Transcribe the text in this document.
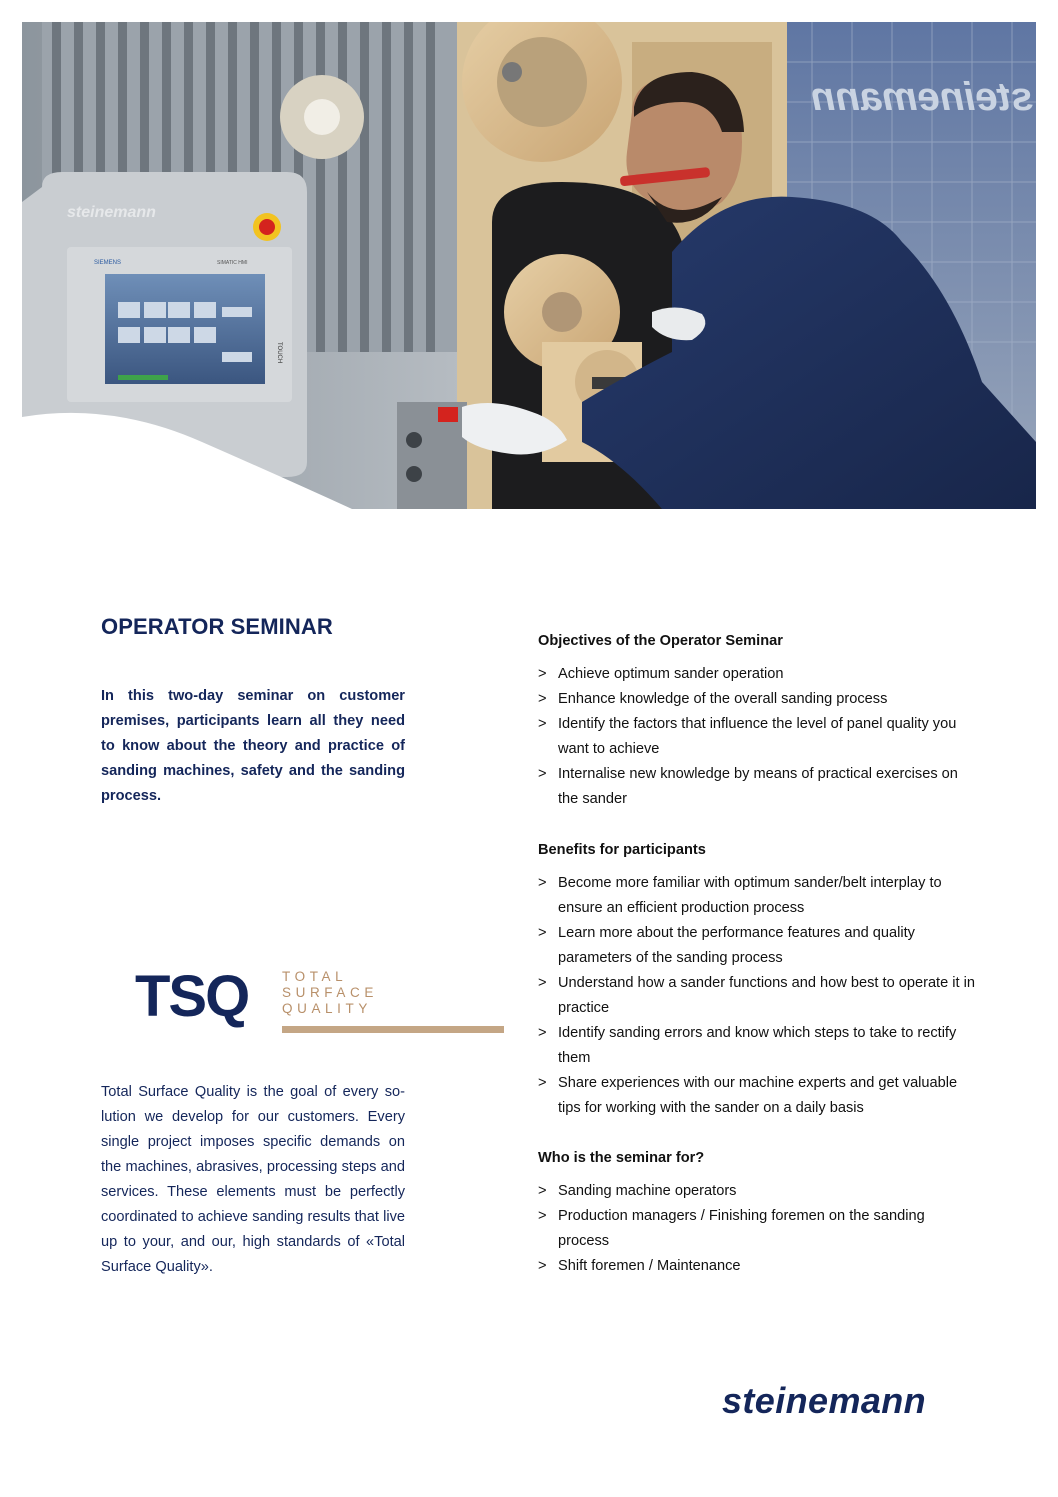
steinemann
steinemann
SIEMENS	SIMATIC HMI
TOUCH
OPERATOR SEMINAR

In this two-day seminar on customer premises, participants learn all they need to know about the theory and practice of sanding machines, safety and the sanding process.

TSQ	TOTAL
SURFACE
QUALITY

Total Surface Quality is the goal of every so-lution we develop for our customers. Every single project imposes specific demands on the machines, abrasives, processing steps and services. These elements must be perfectly coordinated to achieve sanding results that live up to your, and our, high standards of «Total Surface Quality».

Objectives of the Operator Seminar
> Achieve optimum sander operation
> Enhance knowledge of the overall sanding process
> Identify the factors that influence the level of panel quality you want to achieve
> Internalise new knowledge by means of practical exercises on the sander
Benefits for participants
> Become more familiar with optimum sander/belt interplay to ensure an efficient production process
> Learn more about the performance features and quality parameters of the sanding process
> Understand how a sander functions and how best to operate it in practice
> Identify sanding errors and know which steps to take to rectify them
> Share experiences with our machine experts and get valuable tips for working with the sander on a daily basis
Who is the seminar for?
> Sanding machine operators
> Production managers / Finishing foremen on the sanding process
> Shift foremen / Maintenance
steinemann
